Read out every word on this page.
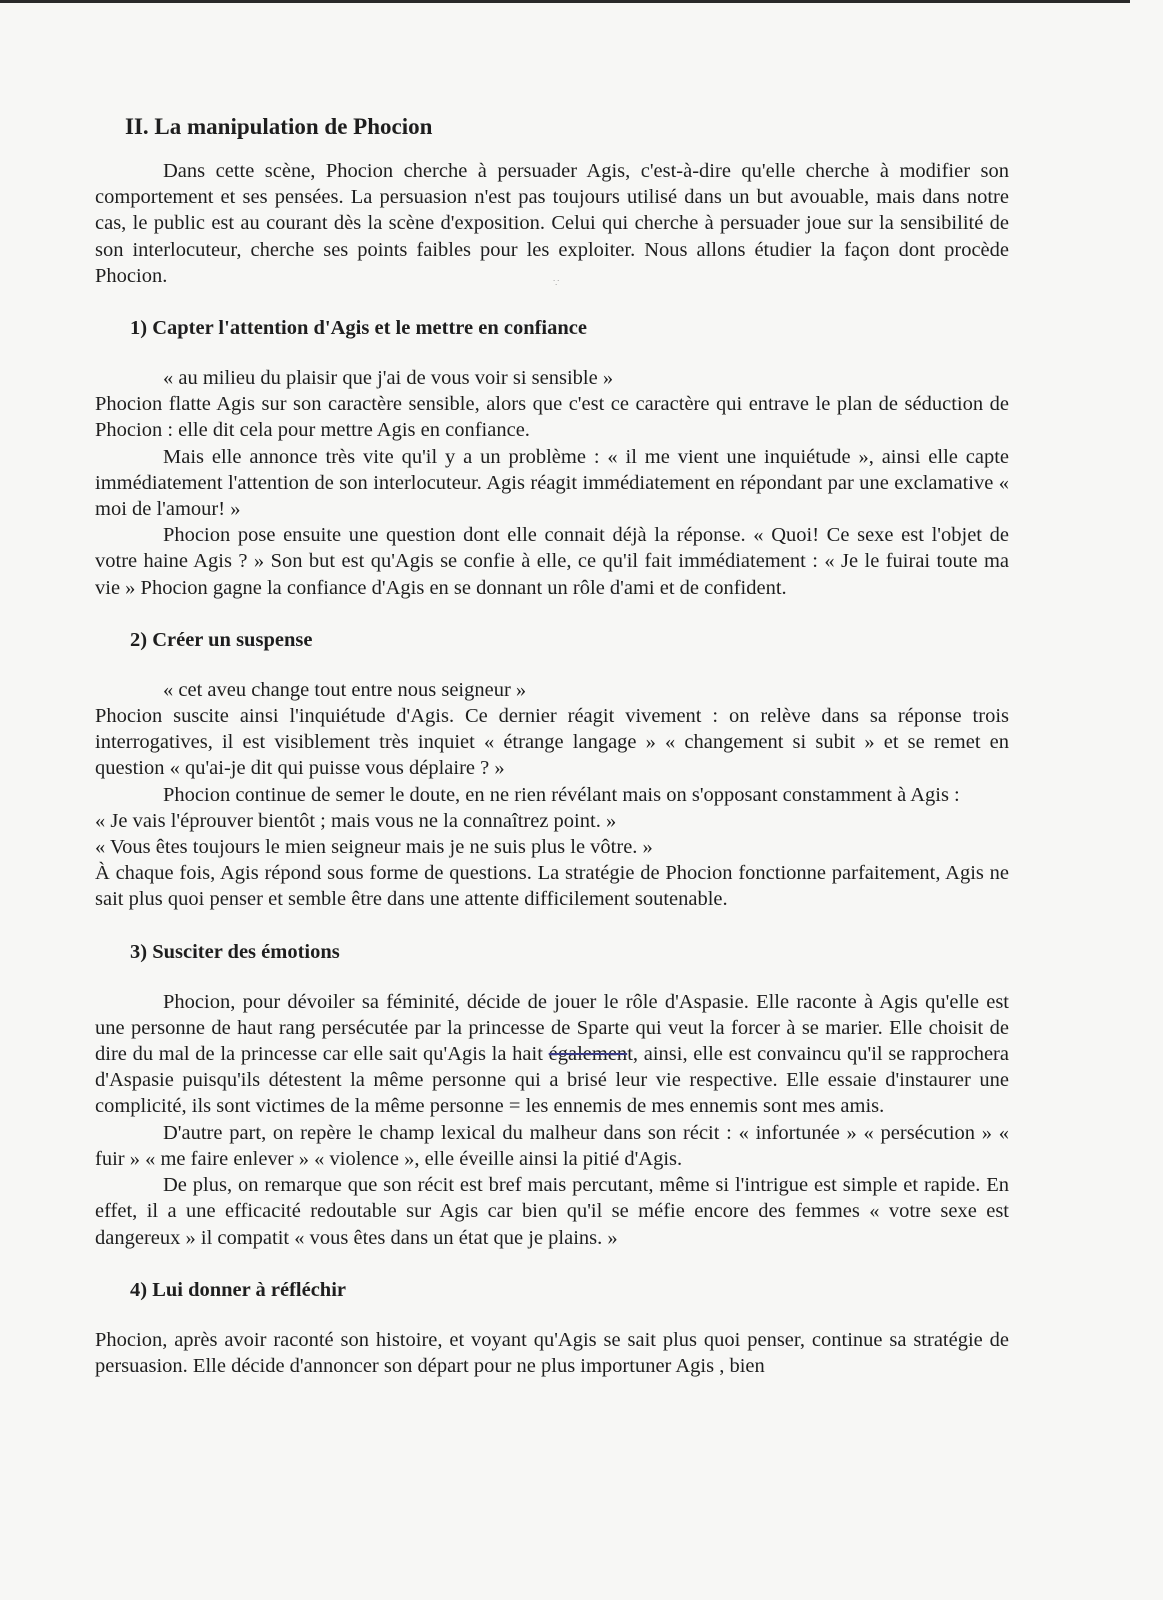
∵
II. La manipulation de Phocion

Dans cette scène, Phocion cherche à persuader Agis, c'est-à-dire qu'elle cherche à modifier son comportement et ses pensées. La persuasion n'est pas toujours utilisé dans un but avouable, mais dans notre cas, le public est au courant dès la scène d'exposition. Celui qui cherche à persuader joue sur la sensibilité de son interlocuteur, cherche ses points faibles pour les exploiter. Nous allons étudier la façon dont procède Phocion.

1) Capter l'attention d'Agis et le mettre en confiance

« au milieu du plaisir que j'ai de vous voir si sensible »

Phocion flatte Agis sur son caractère sensible, alors que c'est ce caractère qui entrave le plan de séduction de Phocion : elle dit cela pour mettre Agis en confiance.

Mais elle annonce très vite qu'il y a un problème : « il me vient une inquiétude », ainsi elle capte immédiatement l'attention de son interlocuteur. Agis réagit immédiatement en répondant par une exclamative « moi de l'amour! »

Phocion pose ensuite une question dont elle connait déjà la réponse. « Quoi! Ce sexe est l'objet de votre haine Agis ? » Son but est qu'Agis se confie à elle, ce qu'il fait immédiatement : « Je le fuirai toute ma vie » Phocion gagne la confiance d'Agis en se donnant un rôle d'ami et de confident.

2) Créer un suspense

« cet aveu change tout entre nous seigneur »

Phocion suscite ainsi l'inquiétude d'Agis. Ce dernier réagit vivement : on relève dans sa réponse trois interrogatives, il est visiblement très inquiet « étrange langage » « changement si subit » et se remet en question « qu'ai-je dit qui puisse vous déplaire ? »

Phocion continue de semer le doute, en ne rien révélant mais on s'opposant constamment à Agis :

« Je vais l'éprouver bientôt ; mais vous ne la connaîtrez point. »

« Vous êtes toujours le mien seigneur mais je ne suis plus le vôtre. »

À chaque fois, Agis répond sous forme de questions. La stratégie de Phocion fonctionne parfaitement, Agis ne sait plus quoi penser et semble être dans une attente difficilement soutenable.

3) Susciter des émotions

Phocion, pour dévoiler sa féminité, décide de jouer le rôle d'Aspasie. Elle raconte à Agis qu'elle est une personne de haut rang persécutée par la princesse de Sparte qui veut la forcer à se marier. Elle choisit de dire du mal de la princesse car elle sait qu'Agis la hait également, ainsi, elle est convaincu qu'il se rapprochera d'Aspasie puisqu'ils détestent la même personne qui a brisé leur vie respective. Elle essaie d'instaurer une complicité, ils sont victimes de la même personne = les ennemis de mes ennemis sont mes amis.

D'autre part, on repère le champ lexical du malheur dans son récit : « infortunée » « persécution » « fuir » « me faire enlever » « violence », elle éveille ainsi la pitié d'Agis.

De plus, on remarque que son récit est bref mais percutant, même si l'intrigue est simple et rapide. En effet, il a une efficacité redoutable sur Agis car bien qu'il se méfie encore des femmes « votre sexe est dangereux » il compatit « vous êtes dans un état que je plains. »

4) Lui donner à réfléchir

Phocion, après avoir raconté son histoire, et voyant qu'Agis se sait plus quoi penser, continue sa stratégie de persuasion. Elle décide d'annoncer son départ pour ne plus importuner Agis , bien
